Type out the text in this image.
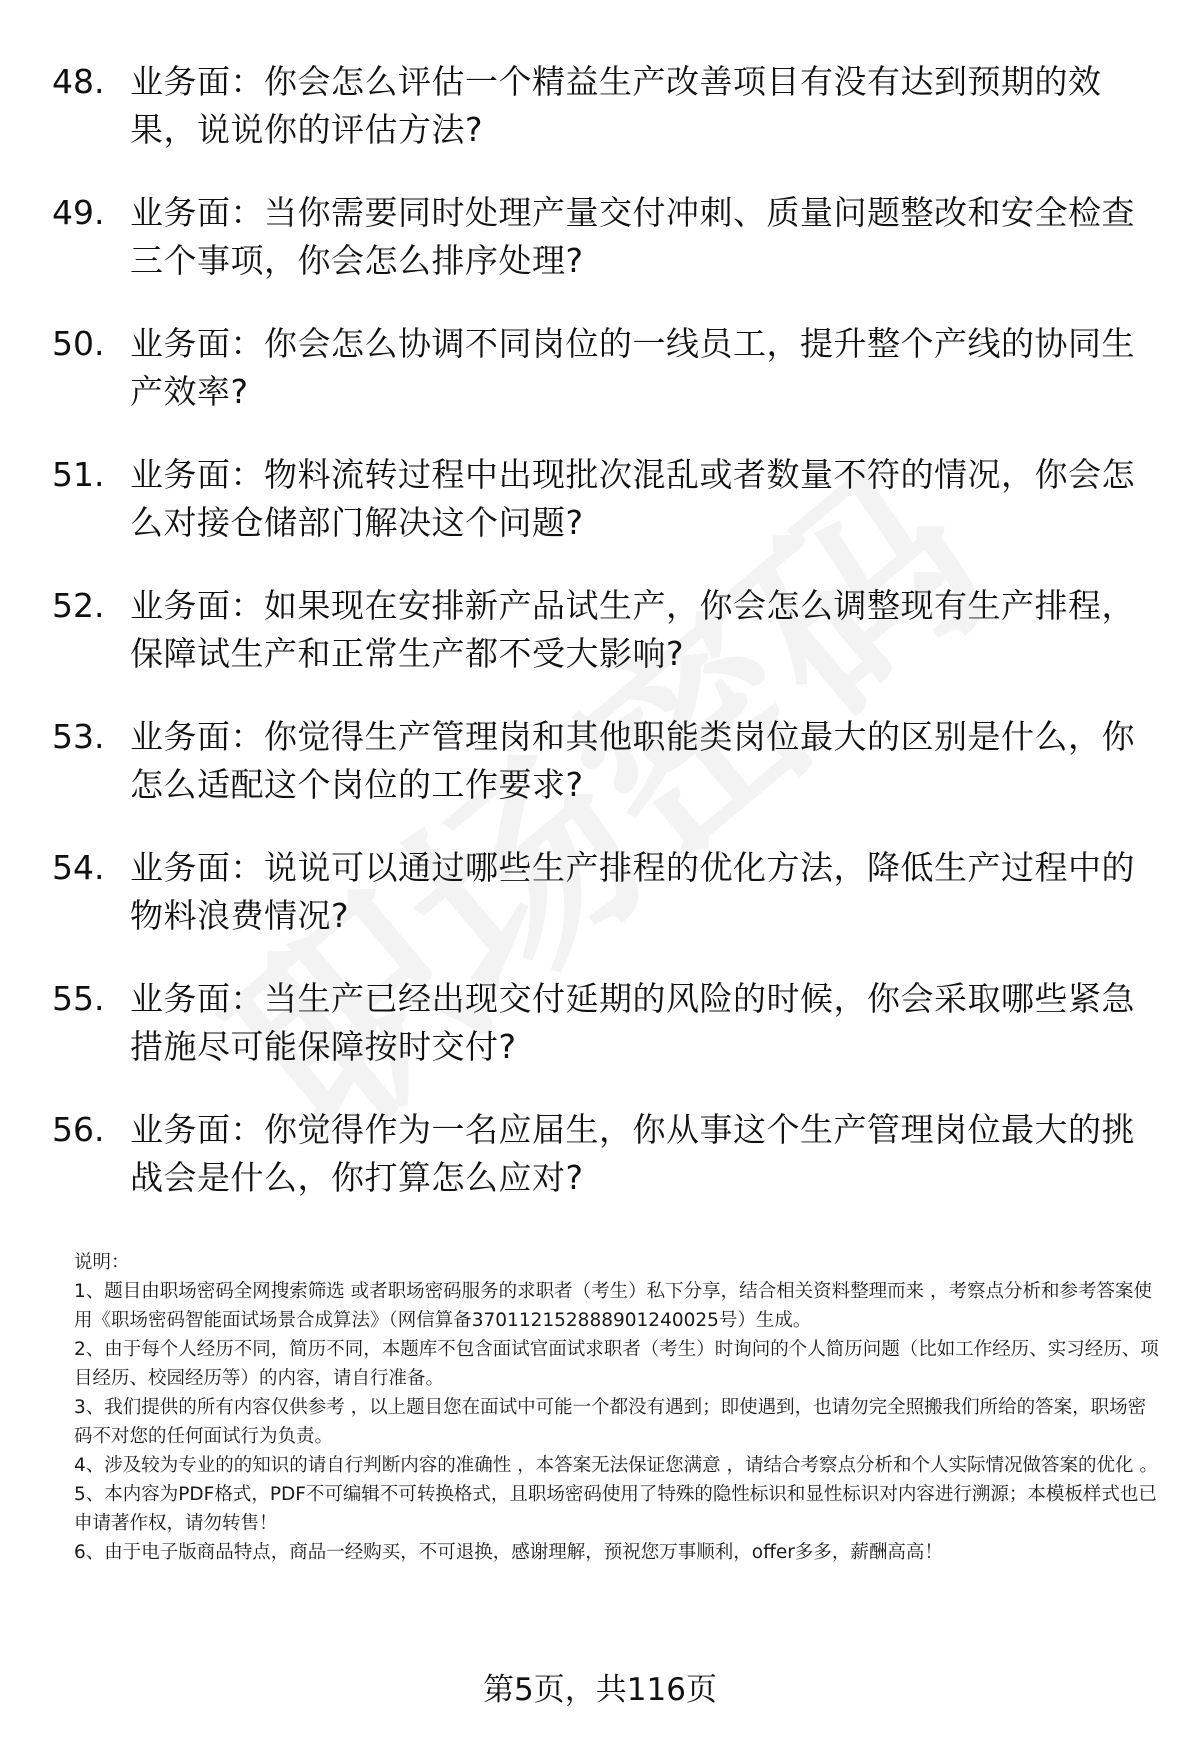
48. 业务面：你会怎么评估一个精益生产改善项目有没有达到预期的效果，说说你的评估方法?
49. 业务面：当你需要同时处理产量交付冲刺、质量问题整改和安全检查三个事项，你会怎么排序处理?
50. 业务面：你会怎么协调不同岗位的一线员工，提升整个产线的协同生产效率?
51. 业务面：物料流转过程中出现批次混乱或者数量不符的情况，你会怎么对接仓储部门解决这个问题?
52. 业务面：如果现在安排新产品试生产，你会怎么调整现有生产排程，保障试生产和正常生产都不受大影响?
53. 业务面：你觉得生产管理岗和其他职能类岗位最大的区别是什么，你怎么适配这个岗位的工作要求?
54. 业务面：说说可以通过哪些生产排程的优化方法，降低生产过程中的物料浪费情况?
55. 业务面：当生产已经出现交付延期的风险的时候，你会采取哪些紧急措施尽可能保障按时交付?
56. 业务面：你觉得作为一名应届生，你从事这个生产管理岗位最大的挑战会是什么，你打算怎么应对?

说明：

1、题目由职场密码全网搜索筛选 或者职场密码服务的求职者（考生）私下分享，结合相关资料整理而来 ，考察点分析和参考答案使用《职场密码智能面试场景合成算法》（网信算备370112152888901240025号）生成。

2、由于每个人经历不同，简历不同，本题库不包含面试官面试求职者（考生）时询问的个人简历问题（比如工作经历、实习经历、项目经历、校园经历等）的内容，请自行准备。

3、我们提供的所有内容仅供参考 ，以上题目您在面试中可能一个都没有遇到；即使遇到，也请勿完全照搬我们所给的答案，职场密码不对您的任何面试行为负责。

4、涉及较为专业的的知识的请自行判断内容的准确性 ，本答案无法保证您满意 ，请结合考察点分析和个人实际情况做答案的优化 。

5、本内容为PDF格式，PDF不可编辑不可转换格式，且职场密码使用了特殊的隐性标识和显性标识对内容进行溯源；本模板样式也已申请著作权，请勿转售！

6、由于电子版商品特点，商品一经购买，不可退换，感谢理解，预祝您万事顺利，offer多多，薪酬高高！

第5页，共116页
